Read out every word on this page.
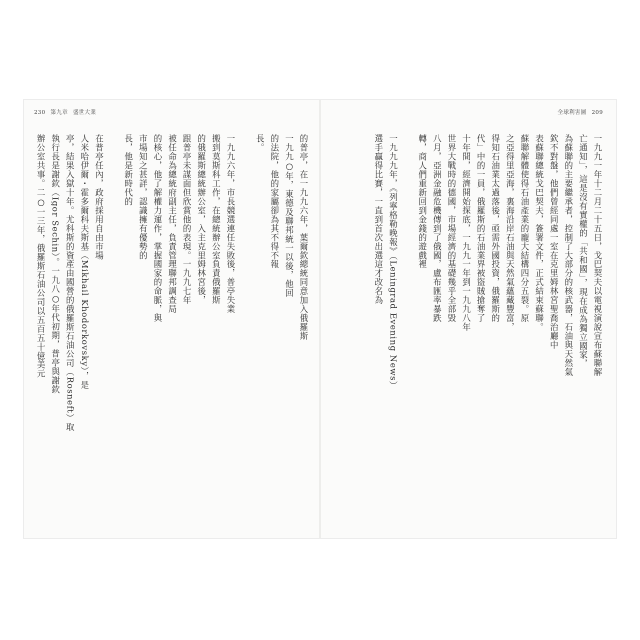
230 第九章 盛世大業
的普亭，在一九九六年，葉爾欽總統同意加入俄羅斯
一九九○年，東德及聯邦統一以後，他回
的法院，他的家屬卻為其不得不報
長。
一九九六年，市長競選連任失敗後，普亭失業
搬到莫斯科工作，在總統辦公室負責俄羅斯
的俄羅斯總統辦公室，入主克里姆林宮後，
跟普亭未謀面但欣賞他的表現。一九九七年
被任命為總統府副主任，負責管理聯邦調查局
的核心，他了解權力運作，掌握國家的命脈，與
市場知之甚詳，認識擁有優勢的
長，他是新時代的
在普亭任內，政府採用自由市場
人米哈伊爾・霍多爾科夫斯基（Mikhail Khodorkovsky），是
亭，結果入獄十年。尤科斯的資產由國營的俄羅斯石油公司（Rosneft）取
執行長是謝欽（Igor Sechin）。一九八○年代初期，普亭與謝欽
辦公室共事。二○一三年，俄羅斯石油公司以五百五十億美元
全球利害圖 209
一九九一年十二月二十五日，戈巴契夫以電視演說宣布蘇聯解
亡通知」，這是沒有實權的「共和國」，現在成為獨立國家，
為蘇聯的主要繼承者，控制了大部分的核武器，石油與天然氣
欽不對盤，他們曾經同處一室在克里姆林宮聖喬治廳中
表蘇聯總統戈巴契夫，簽署文件，正式結束蘇聯。
蘇聯解體使得石油產業的龐大結構四分五裂。原
之亞得里亞海，裏海沿岸石油與天然氣蘊藏豐富，
得知石油業太過落後，亟需外國投資，俄羅斯的
代」中的一員，俄羅斯的石油業界被盜賊搶奪了
十年間，經濟開始探底，一九九一年到一九九八年
世界大戰時的德國，市場經濟的基礎幾乎全部毀
八月，亞洲金融危機傳到了俄國，盧布匯率暴跌
轉，商人們重新回到金錢的遊戲裡
一九九九年，《列寧格勒晚報》（Leningrad Evening News）
選手贏得比賽，一直到首次出選這才改名為
